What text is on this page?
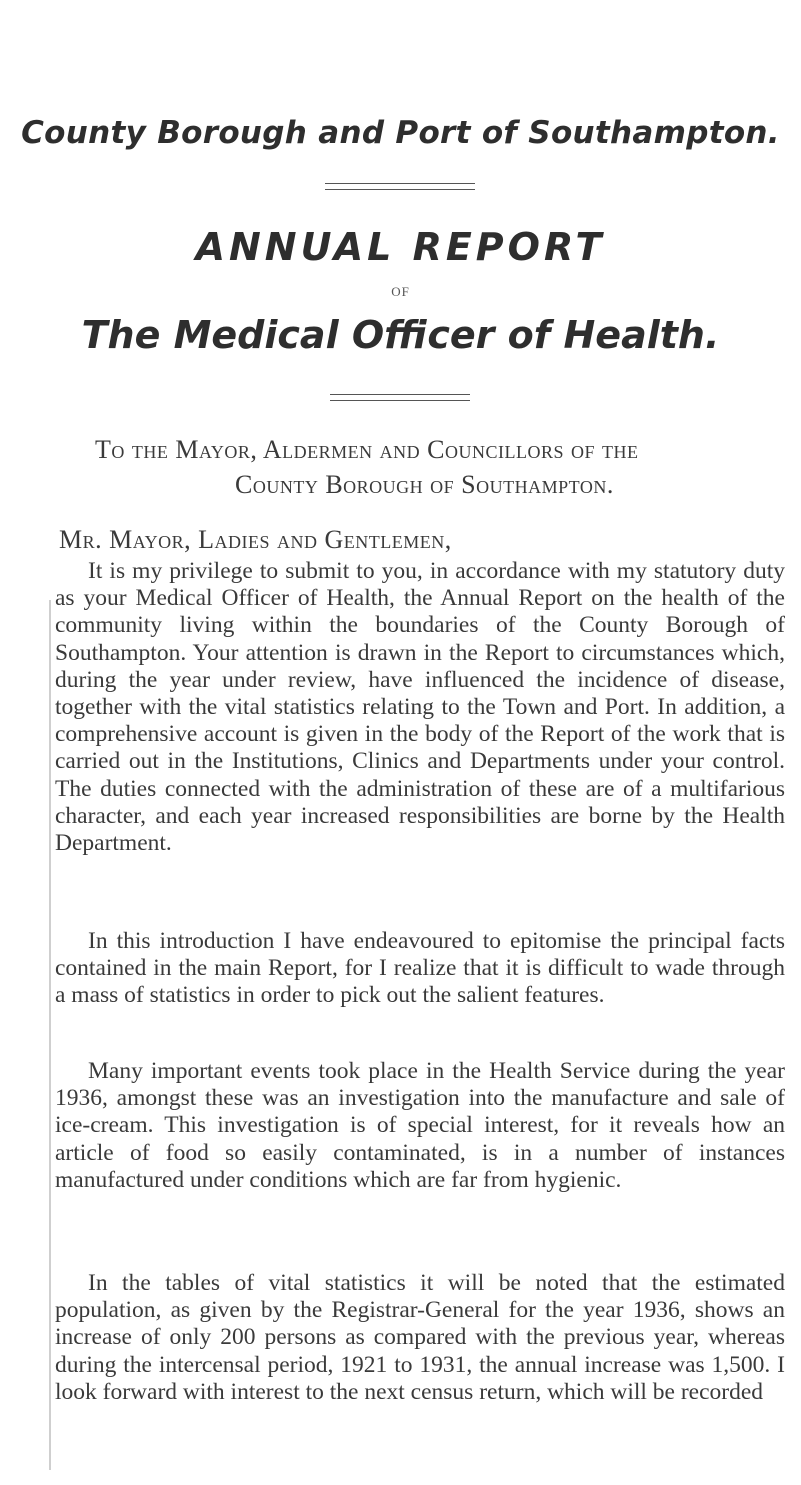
County Borough and Port of Southampton.
ANNUAL REPORT
OF
The Medical Officer of Health.
To the Mayor, Aldermen and Councillors of the
County Borough of Southampton.
Mr. Mayor, Ladies and Gentlemen,

It is my privilege to submit to you, in accordance with my statutory duty as your Medical Officer of Health, the Annual Report on the health of the community living within the boundaries of the County Borough of Southampton. Your attention is drawn in the Report to circumstances which, during the year under review, have influenced the incidence of disease, together with the vital statistics relating to the Town and Port. In addition, a comprehensive account is given in the body of the Report of the work that is carried out in the Institutions, Clinics and Departments under your control. The duties connected with the administration of these are of a multifarious character, and each year increased responsibilities are borne by the Health Department.

In this introduction I have endeavoured to epitomise the principal facts contained in the main Report, for I realize that it is difficult to wade through a mass of statistics in order to pick out the salient features.

Many important events took place in the Health Service during the year 1936, amongst these was an investigation into the manufacture and sale of ice-cream. This investigation is of special interest, for it reveals how an article of food so easily contaminated, is in a number of instances manufactured under conditions which are far from hygienic.

In the tables of vital statistics it will be noted that the estimated population, as given by the Registrar-General for the year 1936, shows an increase of only 200 persons as compared with the previous year, whereas during the intercensal period, 1921 to 1931, the annual increase was 1,500. I look forward with interest to the next census return, which will be recorded
